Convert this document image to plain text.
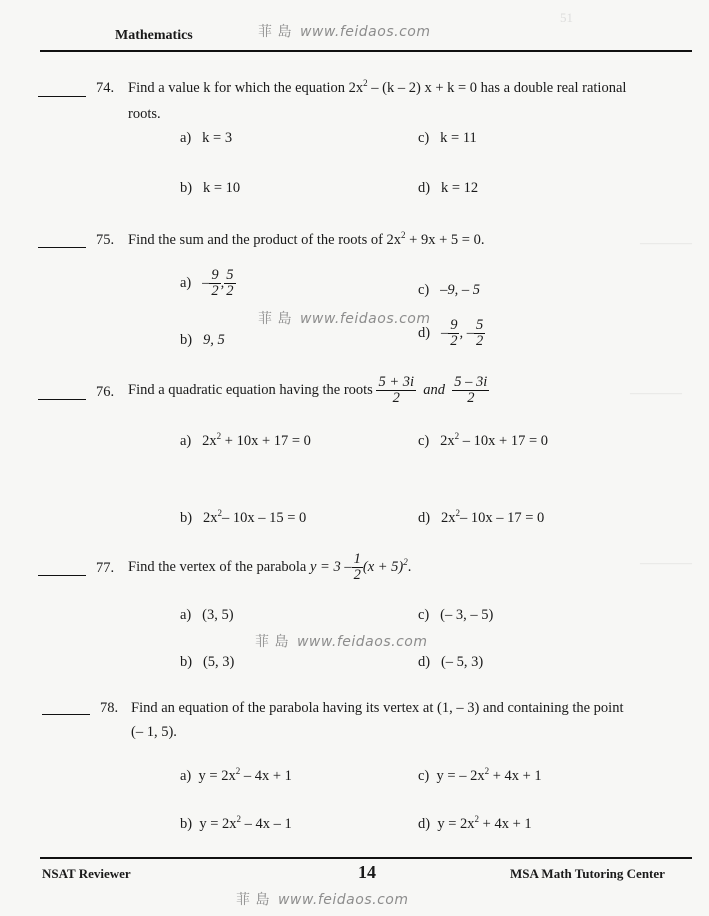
51
————
————
————
Mathematics	菲 島 www.feidaos.com
74. Find a value k for which the equation $2x^2 - (k - 2) x + k = 0$ has a double real rational
roots.
a) k = 3	c) k = 11
b) k = 10	d) k = 12
75. Find the sum and the product of the roots of $2x^2 + 9x + 5 = 0$.
$a) - \frac{9}{2}$ , $\frac{5}{2}$	c) –9, – 5
菲 島 www.feidaos.com
b) 9, 5	$d) - \frac{9}{2}$ , – $\frac{5}{2}$
76. Find a quadratic equation having the roots $\frac{5 + 3i}{2}$ and $\frac{5 - 3i}{2}$
a) $2x^2 + 10x + 17 = 0$	c) $2x^2 - 10x + 17 = 0$
b) $2x^2-$ 10x – 15 = 0	d) $2x^2-$ 10x – 17 = 0
77. Find the vertex of the parabola $y = 3 - \frac{1}{2} (x + 5)^2$.
a) (3, 5)	c) (– 3, – 5)
菲 島 www.feidaos.com
b) (5, 3)	d) (– 5, 3)
78. Find an equation of the parabola having its vertex at (1, – 3) and containing the point
(– 1, 5).
a) $y = 2x^2 - 4x + 1$	c) y = – $2x^2 + 4x + 1$
b) $y = 2x^2 - 4x - 1$	d) $y = 2x^2 + 4x + 1$
NSAT Reviewer	14	MSA Math Tutoring Center
菲 島 www.feidaos.com
